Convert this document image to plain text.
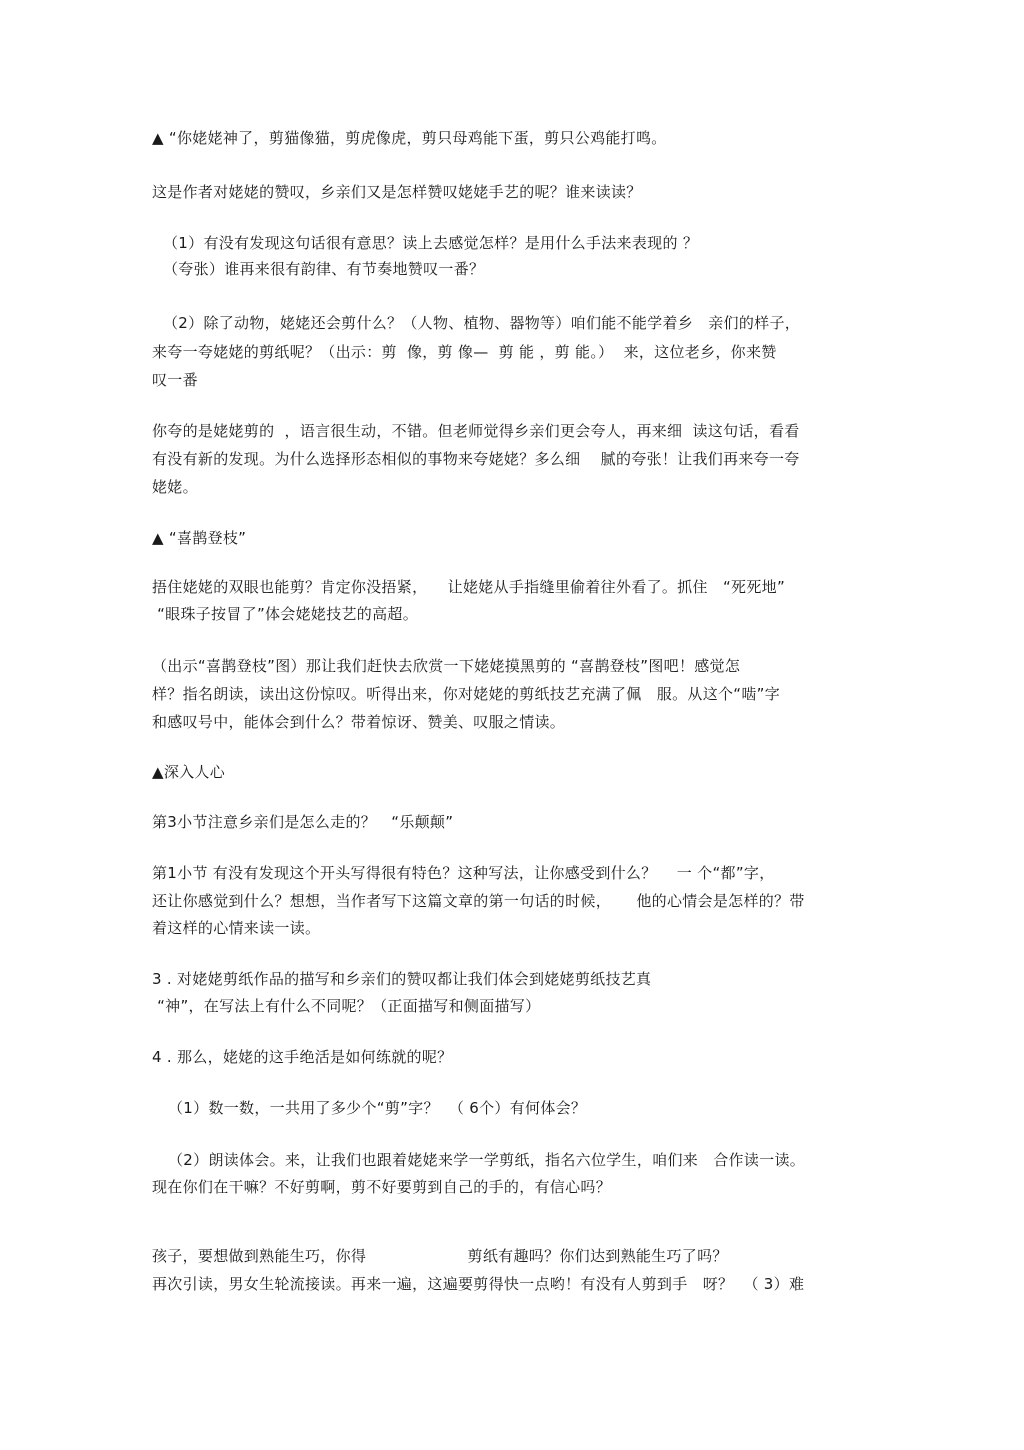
▲ “你姥姥神了，剪猫像猫，剪虎像虎，剪只母鸡能下蛋，剪只公鸡能打鸣。
这是作者对姥姥的赞叹，乡亲们又是怎样赞叹姥姥手艺的呢？谁来读读？
（1）有没有发现这句话很有意思？读上去感觉怎样？是用什么手法来表现的 ？
（夸张）谁再来很有韵律、有节奏地赞叹一番？
（2）除了动物，姥姥还会剪什么？（人物、植物、器物等）咱们能不能学着乡   亲们的样子，
来夸一夸姥姥的剪纸呢？（出示：剪  像，剪 像—  剪 能 ，剪 能。）  来，这位老乡，你来赞
叹一番
你夸的是姥姥剪的  ，语言很生动，不错。但老师觉得乡亲们更会夸人，再来细  读这句话，看看
有没有新的发现。为什么选择形态相似的事物来夸姥姥？多么细    腻的夸张！让我们再来夸一夸
姥姥。
▲ “喜鹊登枝”
捂住姥姥的双眼也能剪？肯定你没捂紧，    让姥姥从手指缝里偷着往外看了。抓住   “死死地”
“眼珠子按冒了”体会姥姥技艺的高超。
（出示“喜鹊登枝”图）那让我们赶快去欣赏一下姥姥摸黑剪的 “喜鹊登枝”图吧！感觉怎
样？指名朗读，读出这份惊叹。听得出来，你对姥姥的剪纸技艺充满了佩   服。从这个“啮”字
和感叹号中，能体会到什么？带着惊讶、赞美、叹服之情读。
▲深入人心
第3小节注意乡亲们是怎么走的？   “乐颠颠”
第1小节 有没有发现这个开头写得很有特色？这种写法，让你感受到什么？    一 个“都”字，
还让你感觉到什么？想想，当作者写下这篇文章的第一句话的时候，     他的心情会是怎样的？带
着这样的心情来读一读。
3 . 对姥姥剪纸作品的描写和乡亲们的赞叹都让我们体会到姥姥剪纸技艺真
“神”，在写法上有什么不同呢？（正面描写和侧面描写）
4 . 那么，姥姥的这手绝活是如何练就的呢？
（1）数一数，一共用了多少个“剪”字？  （ 6个）有何体会？
（2）朗读体会。来，让我们也跟着姥姥来学一学剪纸，指名六位学生，咱们来   合作读一读。
现在你们在干嘛？不好剪啊，剪不好要剪到自己的手的，有信心吗？
孩子，要想做到熟能生巧，你得                    剪纸有趣吗？你们达到熟能生巧了吗？
再次引读，男女生轮流接读。再来一遍，这遍要剪得快一点哟！有没有人剪到手   呀？  （ 3）难
